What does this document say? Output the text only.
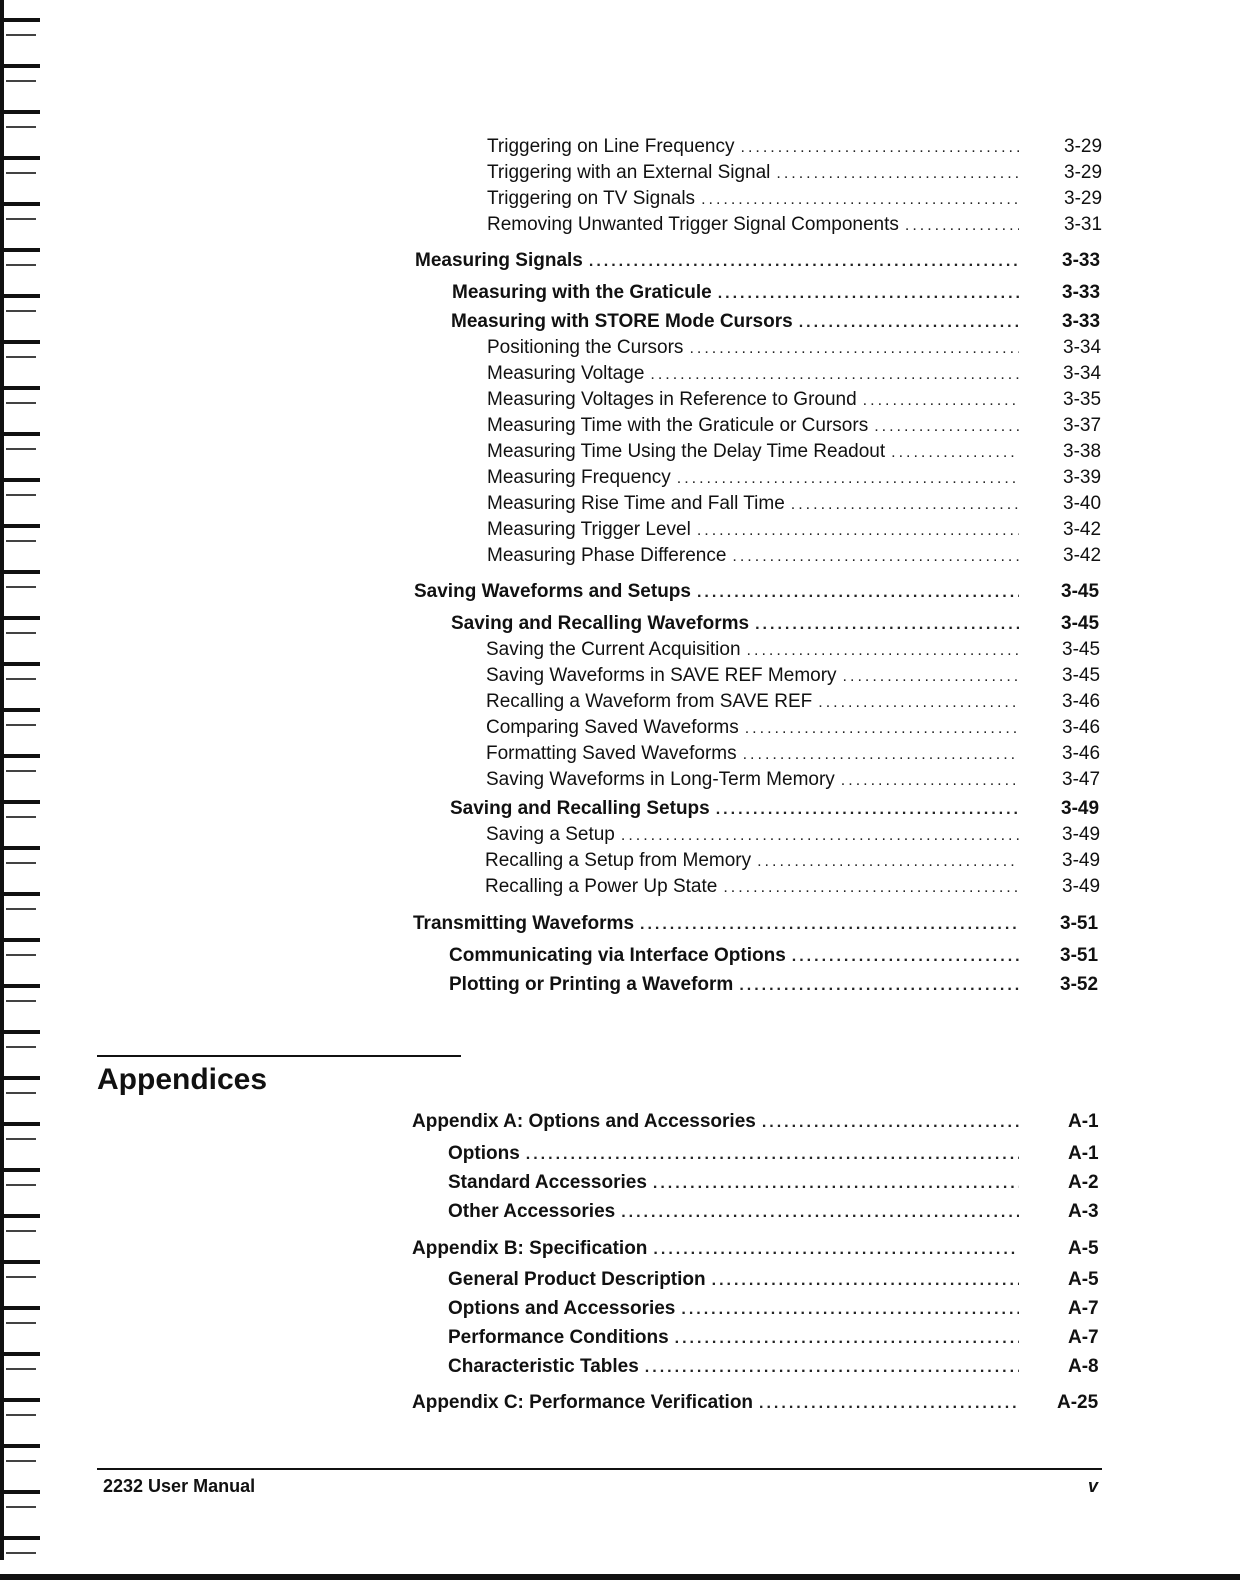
Triggering on Line Frequency
.....
Triggering with an External Signal
.....
Triggering on TV Signals
.....
Removing Unwanted Trigger Signal Components
.....
Measuring Signals
.....
Measuring with the Graticule
.....
Measuring with STORE Mode Cursors
.....
Positioning the Cursors
.....
Measuring Voltage
.....
Measuring Voltages in Reference to Ground
.....
Measuring Time with the Graticule or Cursors
.....
Measuring Time Using the Delay Time Readout
.....
Measuring Frequency
.....
Measuring Rise Time and Fall Time
.....
Measuring Trigger Level
.....
Measuring Phase Difference
.....
Saving Waveforms and Setups
.....
Saving and Recalling Waveforms
.....
Saving the Current Acquisition
.....
Saving Waveforms in SAVE REF Memory
.....
Recalling a Waveform from SAVE REF
.....
Comparing Saved Waveforms
.....
Formatting Saved Waveforms
.....
Saving Waveforms in Long-Term Memory
.....
Saving and Recalling Setups
.....
Saving a Setup
.....
Recalling a Setup from Memory
.....
Recalling a Power Up State
.....
Transmitting Waveforms
.....
Communicating via Interface Options
.....
Plotting or Printing a Waveform
.....
3-29
3-29
3-29
3-31
3-33
3-33
3-33
3-34
3-34
3-35
3-37
3-38
3-39
3-40
3-42
3-42
3-45
3-45
3-45
3-45
3-46
3-46
3-46
3-47
3-49
3-49
3-49
3-49
3-51
3-51
3-52
Appendices
Appendix A: Options and Accessories
.....
Options
.....
Standard Accessories
.....
Other Accessories
.....
Appendix B: Specification
.....
General Product Description
.....
Options and Accessories
.....
Performance Conditions
.....
Characteristic Tables
.....
Appendix C: Performance Verification
.....
A-1
A-1
A-2
A-3
A-5
A-5
A-7
A-7
A-8
A-25
2232 User Manual	v
